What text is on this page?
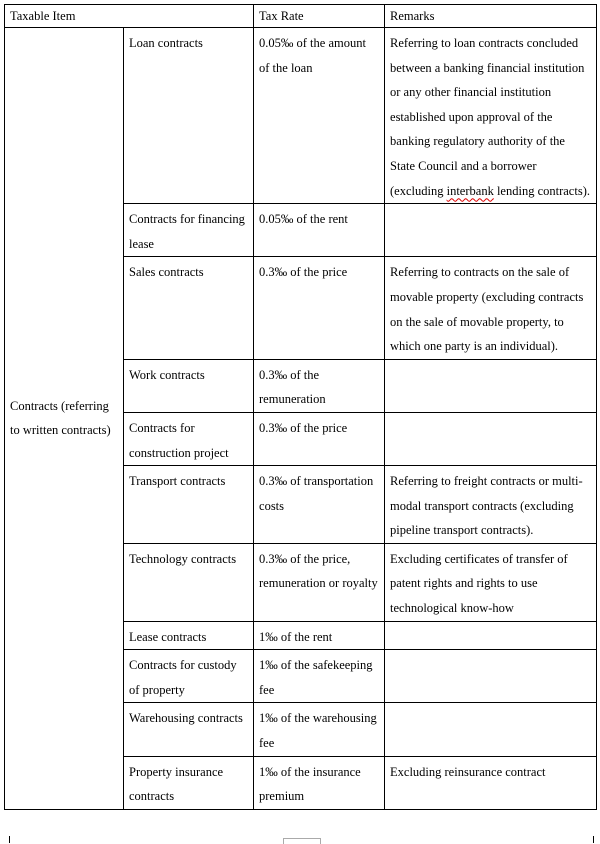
Taxable Item		Tax Rate	Remarks
Contracts (referring to written contracts)	Loan contracts	0.05‰ of the amount of the loan	Referring to loan contracts concluded between a banking financial institution or any other financial institution established upon approval of the banking regulatory authority of the State Council and a borrower (excluding interbank lending contracts).
	Contracts for financing lease	0.05‰ of the rent	
	Sales contracts	0.3‰ of the price	Referring to contracts on the sale of movable property (excluding contracts on the sale of movable property, to which one party is an individual).
	Work contracts	0.3‰ of the remuneration	
	Contracts for construction project	0.3‰ of the price	
	Transport contracts	0.3‰ of transportation costs	Referring to freight contracts or multi-modal transport contracts (excluding pipeline transport contracts).
	Technology contracts	0.3‰ of the price, remuneration or royalty	Excluding certificates of transfer of patent rights and rights to use technological know-how
	Lease contracts	1‰ of the rent	
	Contracts for custody of property	1‰ of the safekeeping fee	
	Warehousing contracts	1‰ of the warehousing fee	
	Property insurance contracts	1‰ of the insurance premium	Excluding reinsurance contract
